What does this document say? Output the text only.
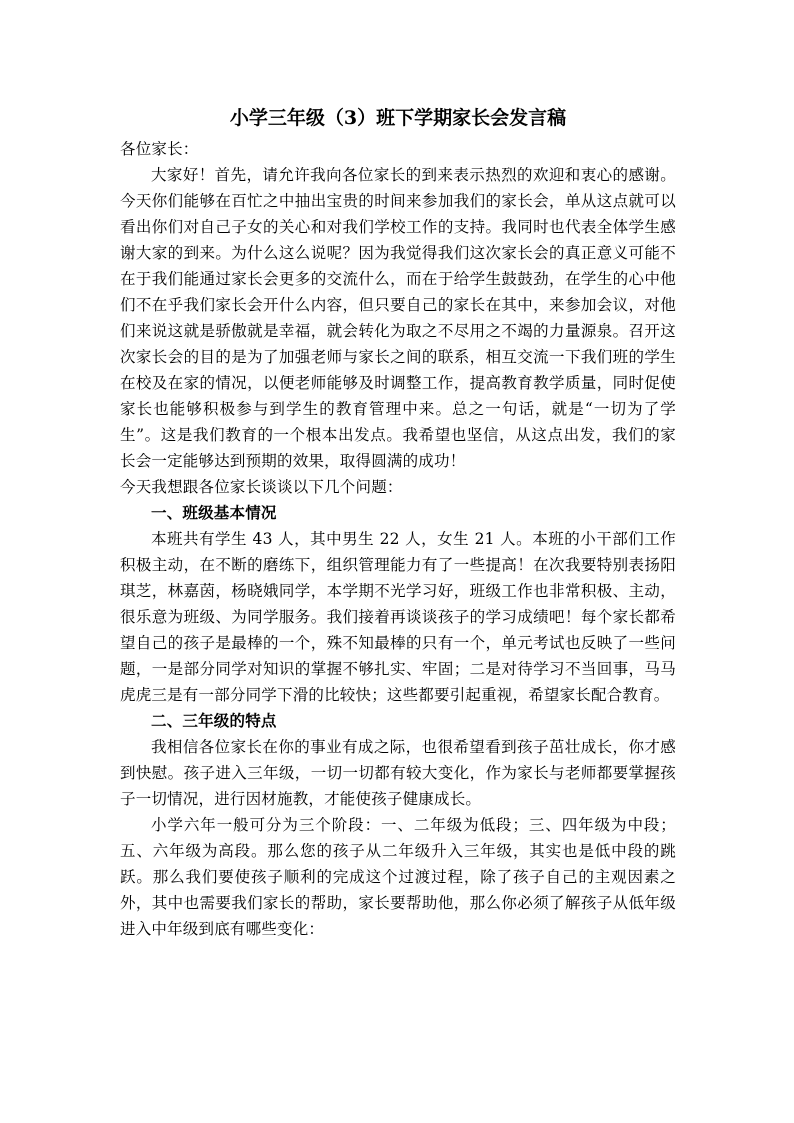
小学三年级（3）班下学期家长会发言稿

各位家长：

大家好！首先，请允许我向各位家长的到来表示热烈的欢迎和衷心的感谢。今天你们能够在百忙之中抽出宝贵的时间来参加我们的家长会，单从这点就可以看出你们对自己子女的关心和对我们学校工作的支持。我同时也代表全体学生感谢大家的到来。为什么这么说呢？因为我觉得我们这次家长会的真正意义可能不在于我们能通过家长会更多的交流什么，而在于给学生鼓鼓劲，在学生的心中他们不在乎我们家长会开什么内容，但只要自己的家长在其中，来参加会议，对他们来说这就是骄傲就是幸福，就会转化为取之不尽用之不竭的力量源泉。召开这次家长会的目的是为了加强老师与家长之间的联系，相互交流一下我们班的学生在校及在家的情况，以便老师能够及时调整工作，提高教育教学质量，同时促使家长也能够积极参与到学生的教育管理中来。总之一句话，就是“一切为了学生”。这是我们教育的一个根本出发点。我希望也坚信，从这点出发，我们的家长会一定能够达到预期的效果，取得圆满的成功！

今天我想跟各位家长谈谈以下几个问题：

一、班级基本情况

本班共有学生 43 人，其中男生 22 人，女生 21 人。本班的小干部们工作积极主动，在不断的磨练下，组织管理能力有了一些提高！在次我要特别表扬阳琪芝，林嘉茵，杨晓娥同学，本学期不光学习好，班级工作也非常积极、主动，很乐意为班级、为同学服务。我们接着再谈谈孩子的学习成绩吧！每个家长都希望自己的孩子是最棒的一个，殊不知最棒的只有一个，单元考试也反映了一些问题，一是部分同学对知识的掌握不够扎实、牢固；二是对待学习不当回事，马马虎虎三是有一部分同学下滑的比较快；这些都要引起重视，希望家长配合教育。

二、三年级的特点

我相信各位家长在你的事业有成之际，也很希望看到孩子茁壮成长，你才感到快慰。孩子进入三年级，一切一切都有较大变化，作为家长与老师都要掌握孩子一切情况，进行因材施教，才能使孩子健康成长。

小学六年一般可分为三个阶段：一、二年级为低段；三、四年级为中段；五、六年级为高段。那么您的孩子从二年级升入三年级，其实也是低中段的跳跃。那么我们要使孩子顺利的完成这个过渡过程，除了孩子自己的主观因素之外，其中也需要我们家长的帮助，家长要帮助他，那么你必须了解孩子从低年级进入中年级到底有哪些变化：
